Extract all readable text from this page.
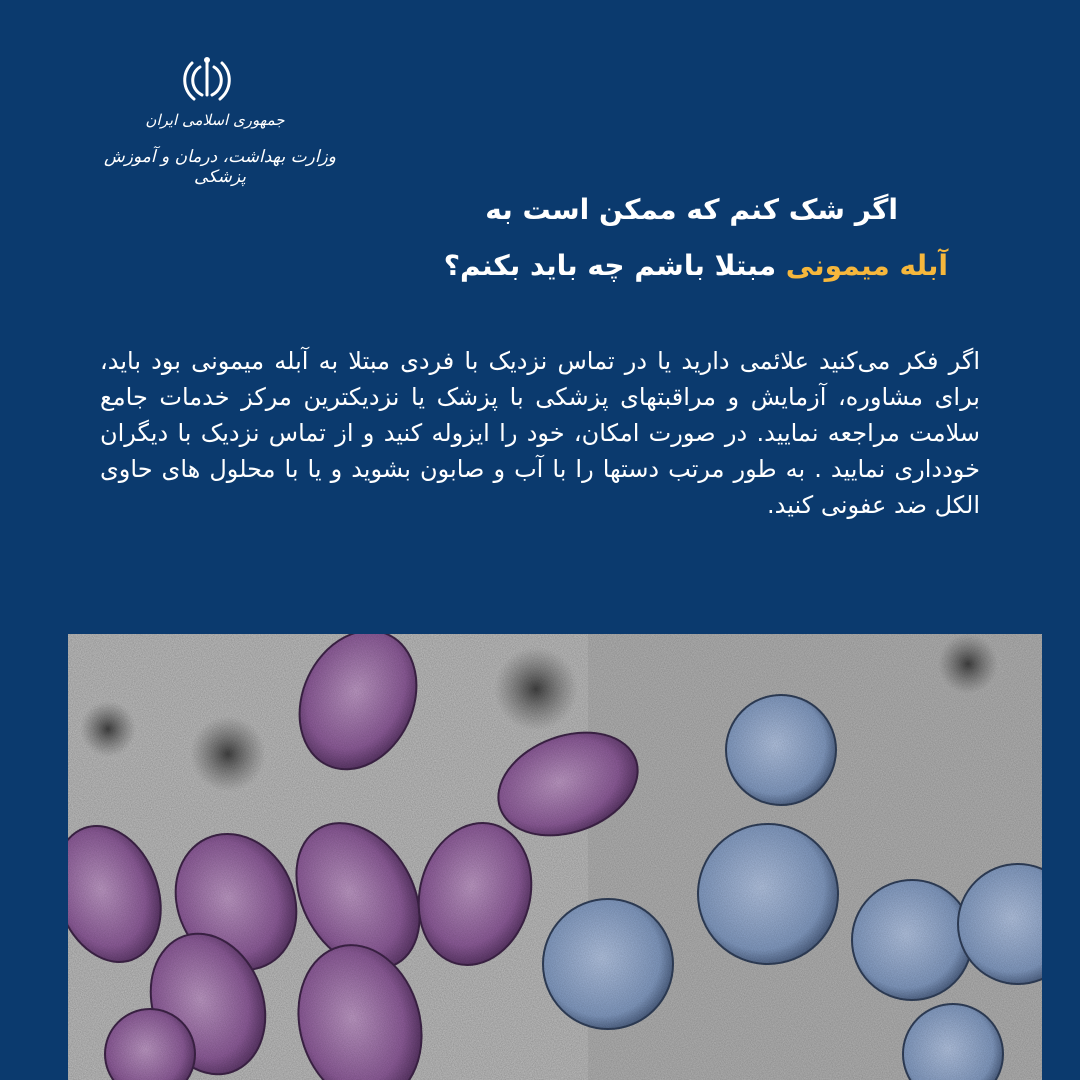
جمهوری اسلامی ایران
وزارت بهداشت، درمان و آموزش پزشکی
اگر شک کنم که ممکن است به
آبله میمونی مبتلا باشم چه باید بکنم؟
اگر فکر می‌کنید علائمی دارید یا در تماس نزدیک با فردی مبتلا به آبله میمونی بود باید، برای مشاوره، آزمایش و مراقبتهای پزشکی با پزشک یا نزدیکترین مرکز خدمات جامع سلامت مراجعه نمایید. در صورت امکان، خود را ایزوله کنید و از تماس نزدیک با دیگران خودداری نمایید . به طور مرتب دستها را با آب و صابون بشوید و یا با محلول های حاوی الکل ضد عفونی کنید.
